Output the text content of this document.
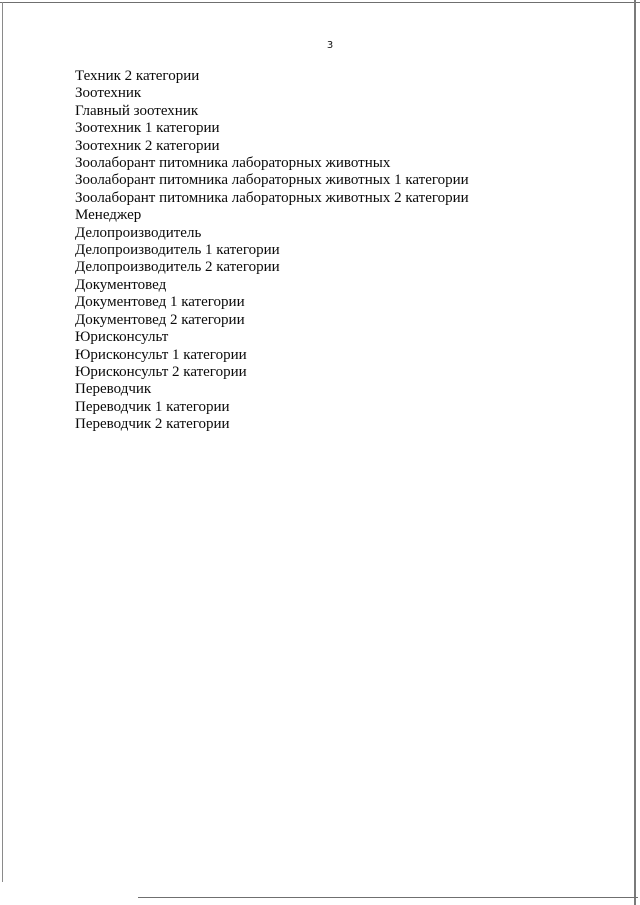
3
Техник 2 категории
Зоотехник
Главный зоотехник
Зоотехник 1 категории
Зоотехник 2 категории
Зоолаборант питомника лабораторных животных
Зоолаборант питомника лабораторных животных 1 категории
Зоолаборант питомника лабораторных животных 2 категории
Менеджер
Делопроизводитель
Делопроизводитель 1 категории
Делопроизводитель 2 категории
Документовед
Документовед 1 категории
Документовед 2 категории
Юрисконсульт
Юрисконсульт 1 категории
Юрисконсульт 2 категории
Переводчик
Переводчик 1 категории
Переводчик 2 категории
